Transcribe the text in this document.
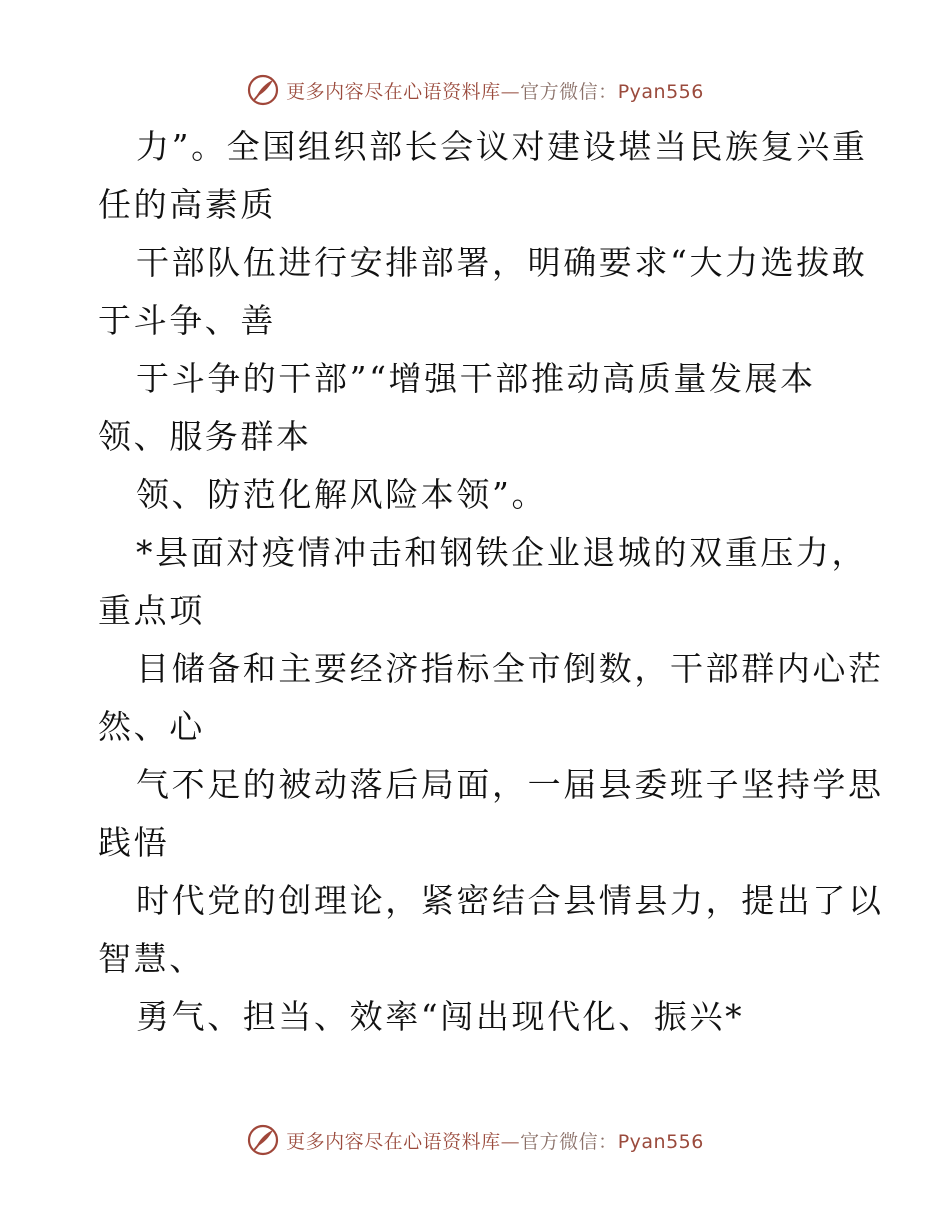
更多内容尽在心语资料库—官方微信：Pyan556
力”。全国组织部长会议对建设堪当民族复兴重
任的高素质
干部队伍进行安排部署，明确要求“大力选拔敢
于斗争、善
于斗争的干部”“增强干部推动高质量发展本
领、服务群本
领、防范化解风险本领”。
*县面对疫情冲击和钢铁企业退城的双重压力，
重点项
目储备和主要经济指标全市倒数，干部群内心茫
然、心
气不足的被动落后局面，一届县委班子坚持学思
践悟
时代党的创理论，紧密结合县情县力，提出了以
智慧、
勇气、担当、效率“闯出现代化、振兴*
更多内容尽在心语资料库—官方微信：Pyan556
